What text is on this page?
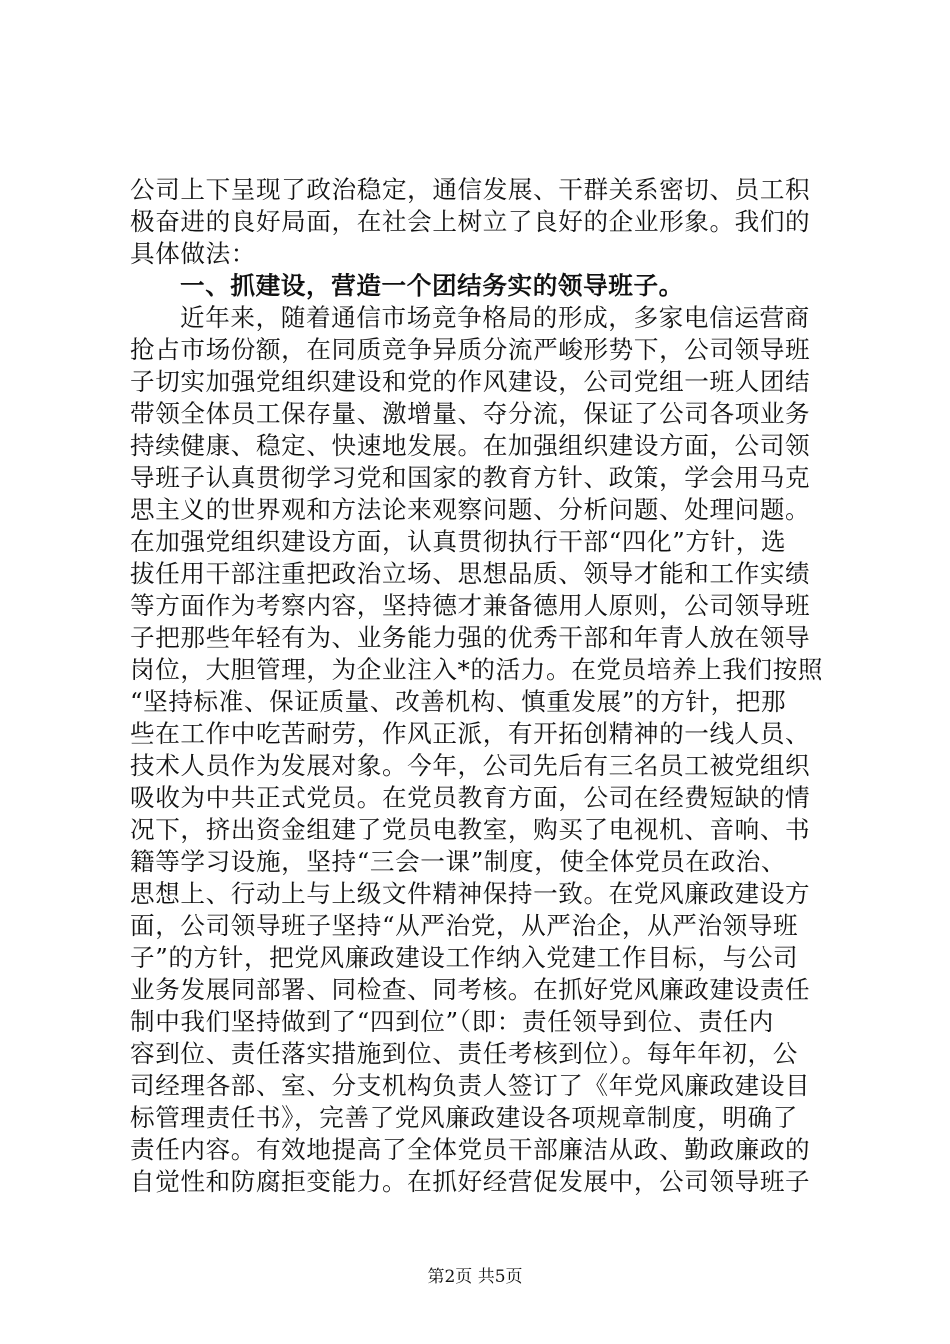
公司上下呈现了政治稳定，通信发展、干群关系密切、员工积
极奋进的良好局面，在社会上树立了良好的企业形象。我们的
具体做法：
一、抓建设，营造一个团结务实的领导班子。
近年来，随着通信市场竞争格局的形成，多家电信运营商
抢占市场份额，在同质竞争异质分流严峻形势下，公司领导班
子切实加强党组织建设和党的作风建设，公司党组一班人团结
带领全体员工保存量、激增量、夺分流，保证了公司各项业务
持续健康、稳定、快速地发展。在加强组织建设方面，公司领
导班子认真贯彻学习党和国家的教育方针、政策，学会用马克
思主义的世界观和方法论来观察问题、分析问题、处理问题。
在加强党组织建设方面，认真贯彻执行干部“四化”方针，选
拔任用干部注重把政治立场、思想品质、领导才能和工作实绩
等方面作为考察内容，坚持德才兼备德用人原则，公司领导班
子把那些年轻有为、业务能力强的优秀干部和年青人放在领导
岗位，大胆管理，为企业注入*的活力。在党员培养上我们按照
“坚持标准、保证质量、改善机构、慎重发展”的方针，把那
些在工作中吃苦耐劳，作风正派，有开拓创精神的一线人员、
技术人员作为发展对象。今年，公司先后有三名员工被党组织
吸收为中共正式党员。在党员教育方面，公司在经费短缺的情
况下，挤出资金组建了党员电教室，购买了电视机、音响、书
籍等学习设施，坚持“三会一课”制度，使全体党员在政治、
思想上、行动上与上级文件精神保持一致。在党风廉政建设方
面，公司领导班子坚持“从严治党，从严治企，从严治领导班
子”的方针，把党风廉政建设工作纳入党建工作目标，与公司
业务发展同部署、同检查、同考核。在抓好党风廉政建设责任
制中我们坚持做到了“四到位”（即：责任领导到位、责任内
容到位、责任落实措施到位、责任考核到位）。每年年初，公
司经理各部、室、分支机构负责人签订了《年党风廉政建设目
标管理责任书》，完善了党风廉政建设各项规章制度，明确了
责任内容。有效地提高了全体党员干部廉洁从政、勤政廉政的
自觉性和防腐拒变能力。在抓好经营促发展中，公司领导班子
第2页 共5页
